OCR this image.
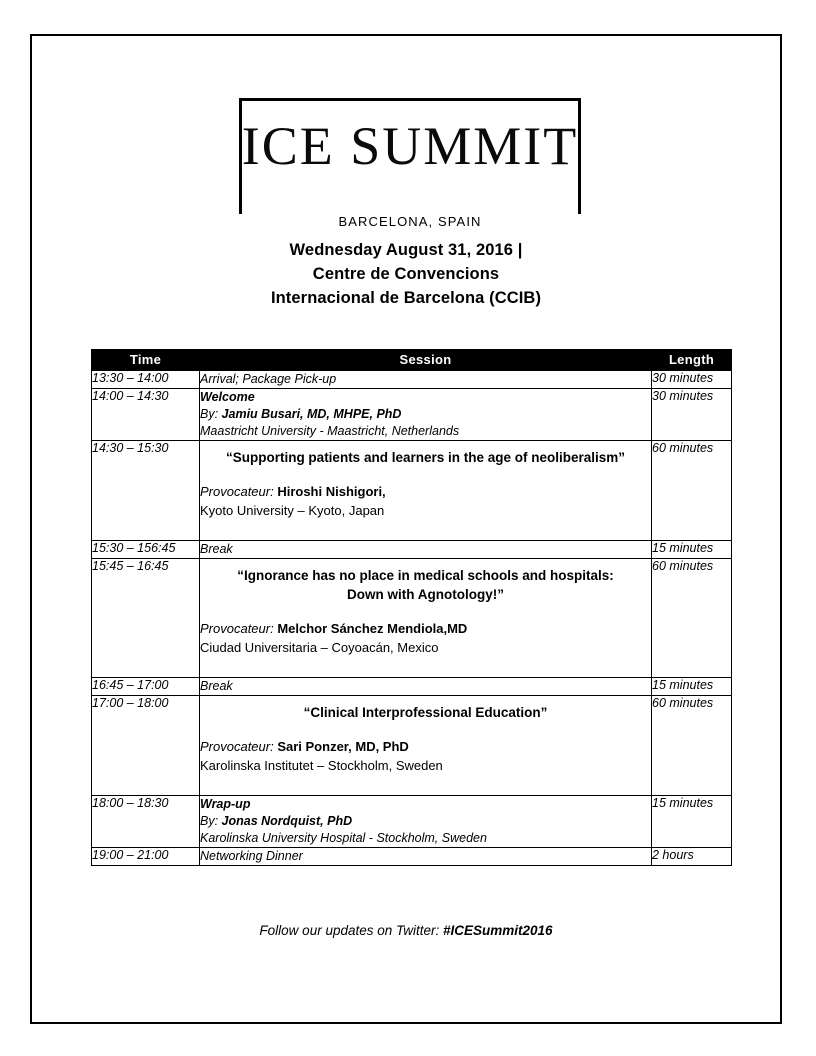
ICE SUMMIT
BARCELONA, SPAIN
Wednesday August 31, 2016 |
Centre de Convencions
Internacional de Barcelona (CCIB)
Time	Session	Length
13:30 – 14:00	Arrival; Package Pick-up	30 minutes
14:00 – 14:30	Welcome
By: Jamiu Busari, MD, MHPE, PhD
Maastricht University - Maastricht, Netherlands	30 minutes
14:30 – 15:30	“Supporting patients and learners in the age of neoliberalism”
Provocateur: Hiroshi Nishigori,
Kyoto University – Kyoto, Japan	60 minutes
15:30 – 156:45	Break	15 minutes
15:45 – 16:45	“Ignorance has no place in medical schools and hospitals:
Down with Agnotology!”
Provocateur: Melchor Sánchez Mendiola,MD
Ciudad Universitaria – Coyoacán, Mexico	60 minutes
16:45 – 17:00	Break	15 minutes
17:00 – 18:00	“Clinical Interprofessional Education”
Provocateur: Sari Ponzer, MD, PhD
Karolinska Institutet – Stockholm, Sweden	60 minutes
18:00 – 18:30	Wrap-up
By: Jonas Nordquist, PhD
Karolinska University Hospital - Stockholm, Sweden	15 minutes
19:00 – 21:00	Networking Dinner	2 hours
Follow our updates on Twitter: #ICESummit2016
